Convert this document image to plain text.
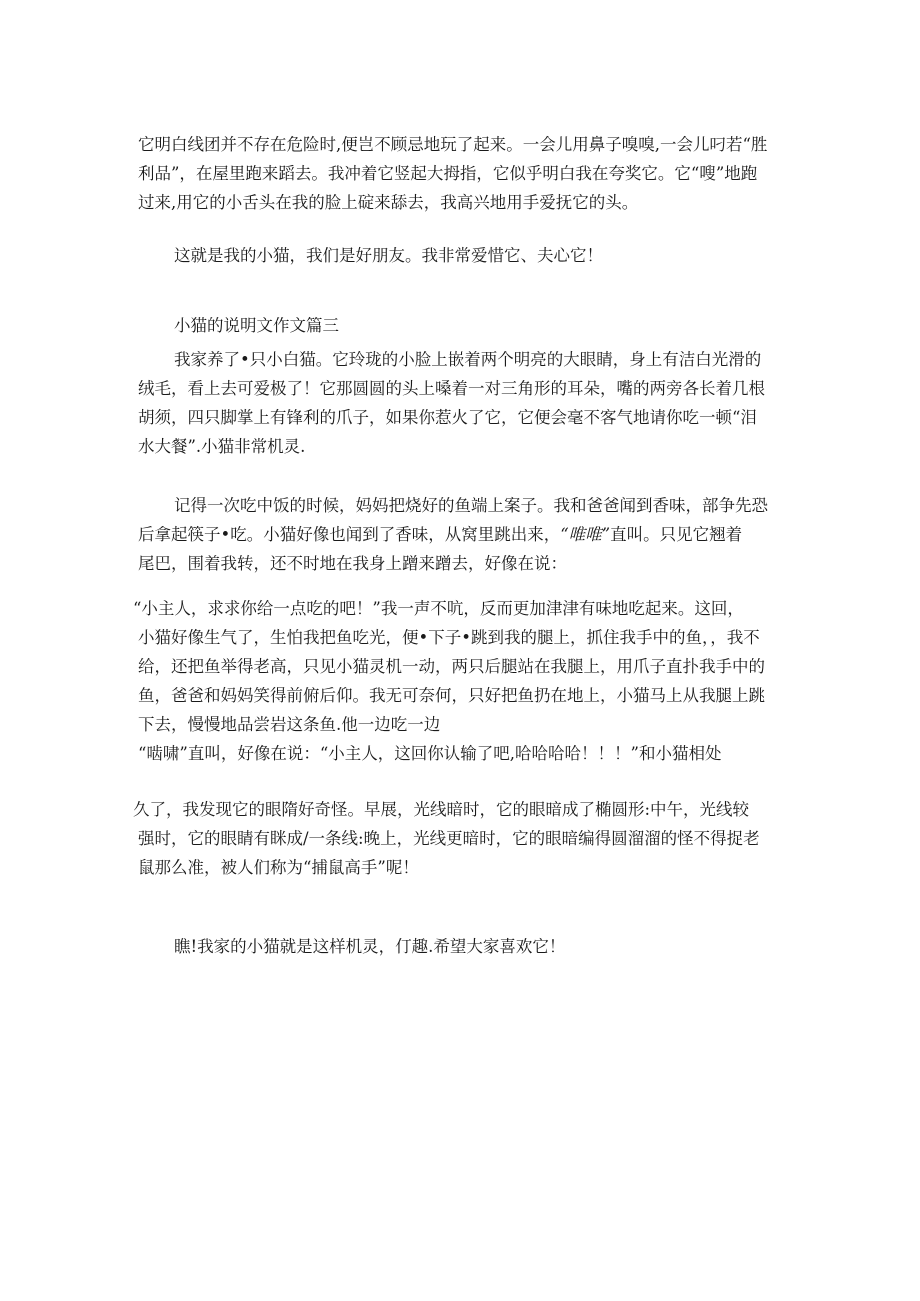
它明白线团并不存在危险时,便岂不顾忌地玩了起来。一会儿用鼻子嗅嗅,一会儿叼若“胜
利品”，在屋里跑来蹈去。我冲着它竖起大拇指，它似乎明白我在夸奖它。它“嗖”地跑
过来,用它的小舌头在我的脸上碇来舔去，我高兴地用手爱抚它的头。
这就是我的小猫，我们是好朋友。我非常爱惜它、夫心它！
小猫的说明文作文篇三
我家养了•只小白猫。它玲珑的小脸上嵌着两个明亮的大眼睛，身上有洁白光滑的
绒毛，看上去可爱极了！它那圆圆的头上嗓着一对三角形的耳朵，嘴的两旁各长着几根
胡须，四只脚掌上有锋利的爪子，如果你惹火了它，它便会毫不客气地请你吃一顿“泪
水大餐”.小猫非常机灵.
记得一次吃中饭的时候，妈妈把烧好的鱼端上案子。我和爸爸闻到香味，部争先恐
后拿起筷子•吃。小猫好像也闻到了香味，从窝里跳出来，“唯唯”直叫。只见它翘着
尾巴，围着我转，还不时地在我身上蹭来蹭去，好像在说：
“小主人，求求你给一点吃的吧！”我一声不吭，反而更加津津有味地吃起来。这回，
小猫好像生气了，生怕我把鱼吃光，便•下子•跳到我的腿上，抓住我手中的鱼，，我不
给，还把鱼举得老高，只见小猫灵机一动，两只后腿站在我腿上，用爪子直扑我手中的
鱼，爸爸和妈妈笑得前俯后仰。我无可奈何，只好把鱼扔在地上，小猫马上从我腿上跳
下去，慢慢地品尝岩这条鱼.他一边吃一边
“啮啸”直叫，好像在说：“小主人，这回你认输了吧,哈哈哈哈！！！”和小猫相处
久了，我发现它的眼隋好奇怪。早展，光线暗时，它的眼暗成了椭圆形:中午，光线较
强时，它的眼睛有眯成/一条线:晚上，光线更暗时，它的眼暗编得圆溜溜的怪不得捉老
鼠那么准，被人们称为“捕鼠高手”呢！
瞧!我家的小猫就是这样机灵，仃趣.希望大家喜欢它！
